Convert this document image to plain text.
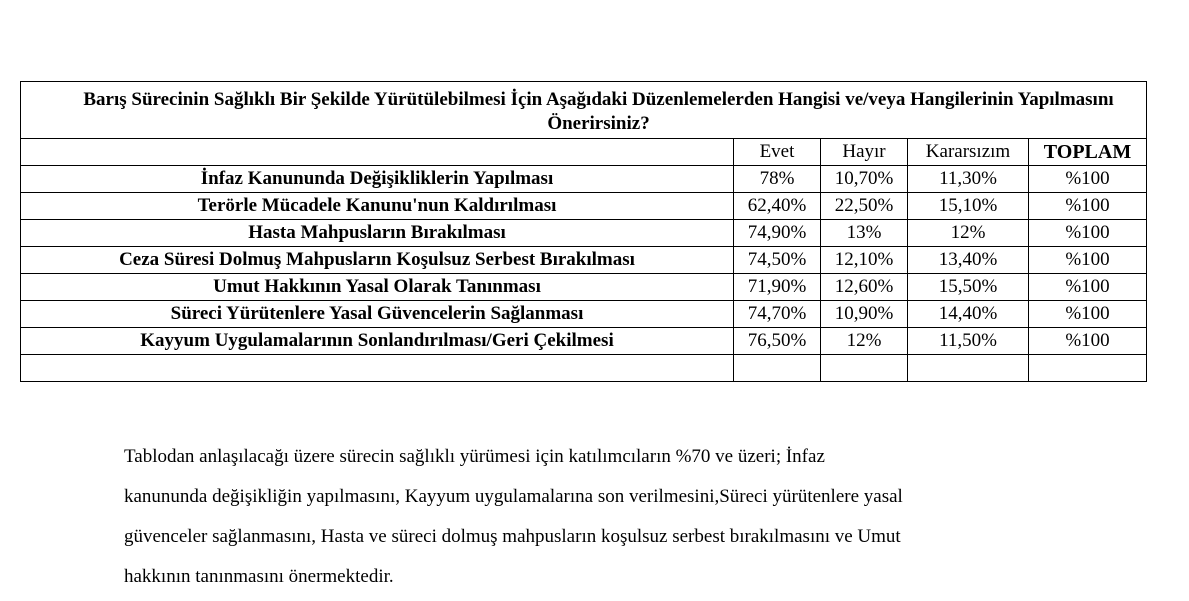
Barış Sürecinin Sağlıklı Bir Şekilde Yürütülebilmesi İçin Aşağıdaki Düzenlemelerden Hangisi ve/veya Hangilerinin Yapılmasını Önerirsiniz?				
	Evet	Hayır	Kararsızım	TOPLAM
İnfaz Kanununda Değişikliklerin Yapılması	78%	10,70%	11,30%	%100
Terörle Mücadele Kanunu'nun Kaldırılması	62,40%	22,50%	15,10%	%100
Hasta Mahpusların Bırakılması	74,90%	13%	12%	%100
Ceza Süresi Dolmuş Mahpusların Koşulsuz Serbest Bırakılması	74,50%	12,10%	13,40%	%100
Umut Hakkının Yasal Olarak Tanınması	71,90%	12,60%	15,50%	%100
Süreci Yürütenlere Yasal Güvencelerin Sağlanması	74,70%	10,90%	14,40%	%100
Kayyum Uygulamalarının Sonlandırılması/Geri Çekilmesi	76,50%	12%	11,50%	%100

Tablodan anlaşılacağı üzere sürecin sağlıklı yürümesi için katılımcıların %70 ve üzeri; İnfaz
kanununda değişikliğin yapılmasını, Kayyum uygulamalarına son verilmesini,Süreci yürütenlere yasal
güvenceler sağlanmasını, Hasta ve süreci dolmuş mahpusların koşulsuz serbest bırakılmasını ve Umut
hakkının tanınmasını önermektedir.
